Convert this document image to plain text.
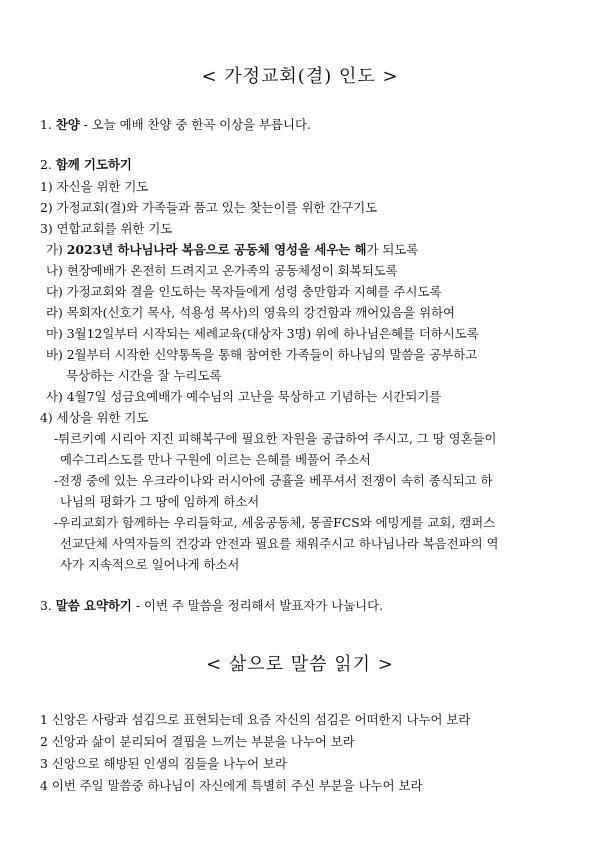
< 가정교회(결) 인도 >
1. 찬양 - 오늘 예배 찬양 중 한곡 이상을 부릅니다.
2. 함께 기도하기
1) 자신을 위한 기도
2) 가정교회(결)와 가족들과 품고 있는 찾는이를 위한 간구기도
3) 연합교회를 위한 기도
가) 2023년 하나님나라 복음으로 공동체 영성을 세우는 해가 되도록
나) 현장예배가 온전히 드려지고 온가족의 공동체성이 회복되도록
다) 가정교회와 결을 인도하는 목자들에게 성령 충만함과 지혜를 주시도록
라) 목회자(신호기 목사, 석용성 목사)의 영육의 강건함과 깨어있음을 위하여
마) 3월12일부터 시작되는 세례교육(대상자 3명) 위에 하나님은혜를 더하시도록
바) 2월부터 시작한 신약통독을 통해 참여한 가족들이 하나님의 말씀을 공부하고
묵상하는 시간을 잘 누리도록
사) 4월7일 성금요예배가 예수님의 고난을 묵상하고 기념하는 시간되기를
4) 세상을 위한 기도
-튀르키예 시리아 지진 피해복구에 필요한 자원을 공급하여 주시고, 그 땅 영혼들이
예수그리스도를 만나 구원에 이르는 은혜를 베풀어 주소서
-전쟁 중에 있는 우크라이나와 러시아에 긍휼을 베푸셔서 전쟁이 속히 종식되고 하
나님의 평화가 그 땅에 임하게 하소서
-우리교회가 함께하는 우리들학교, 세움공동체, 몽골FCS와 에밍게를 교회, 캠퍼스
선교단체 사역자들의 건강과 안전과 필요를 채워주시고 하나님나라 복음전파의 역
사가 지속적으로 일어나게 하소서
3. 말씀 요약하기 - 이번 주 말씀을 정리해서 발표자가 나눕니다.
< 삶으로 말씀 읽기 >
1 신앙은 사랑과 섬김으로 표현되는데 요즘 자신의 섬김은 어떠한지 나누어 보라
2 신앙과 삶이 분리되어 결핍을 느끼는 부분을 나누어 보라
3 신앙으로 해방된 인생의 짐들을 나누어 보라
4 이번 주일 말씀중 하나님이 자신에게 특별히 주신 부분을 나누어 보라
